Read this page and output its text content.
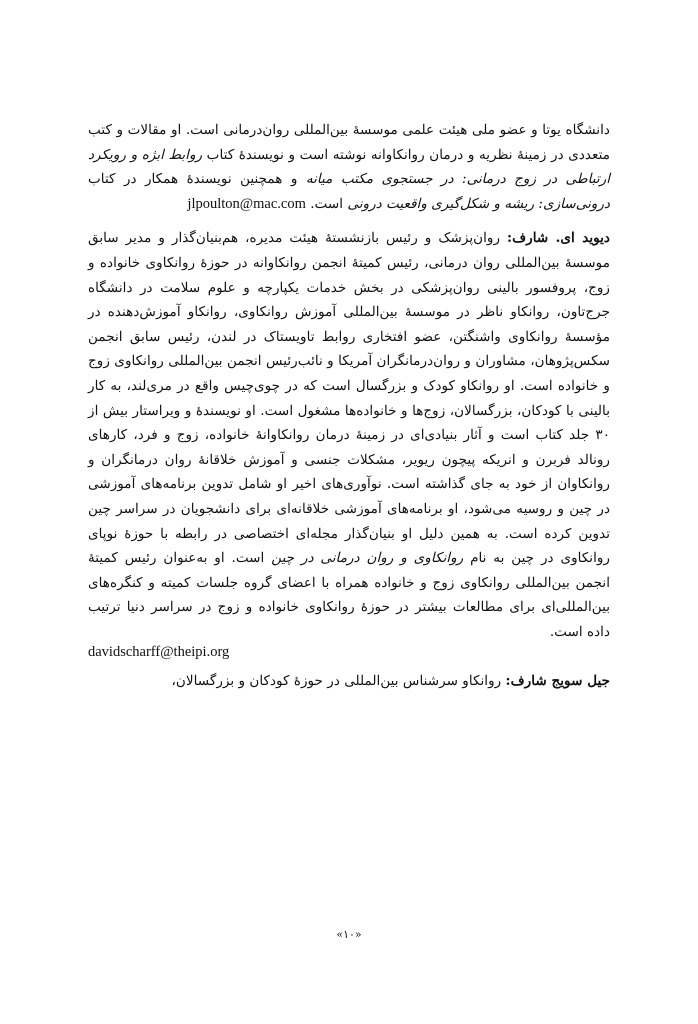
دانشگاه یوتا و عضو ملی هیئت علمی موسسهٔ بین‌المللی روان‌درمانی است. او مقالات و کتب متعددی در زمینهٔ نظریه و درمان روانکاوانه نوشته است و نویسندهٔ کتاب روابط ابژه و رویکرد ارتباطی در زوج درمانی: در جستجوی مکتب میانه و همچنین نویسندهٔ همکار در کتاب درونی‌سازی: ریشه و شکل‌گیری واقعیت درونی است. jlpoulton@mac.com

دیوید ای. شارف: روان‌پزشک و رئیس بازنشستهٔ هیئت مدیره، هم‌بنیان‌گذار و مدیر سابق موسسهٔ بین‌المللی روان درمانی، رئیس کمیتهٔ انجمن روانکاوانه در حوزهٔ روانکاوی خانواده و زوج، پروفسور بالینی روان‌پزشکی در بخش خدمات یکپارچه و علوم سلامت در دانشگاه جرج‌تاون، روانکاو ناظر در موسسهٔ بین‌المللی آموزش روانکاوی، روانکاو آموزش‌دهنده در مؤسسهٔ روانکاوی واشنگتن، عضو افتخاری روابط تاویستاک در لندن، رئیس سابق انجمن سکس‌پژوهان، مشاوران و روان‌درمانگران آمریکا و نائب‌رئیس انجمن بین‌المللی روانکاوی زوج و خانواده است. او روانکاو کودک و بزرگسال است که در چوی‌چیس واقع در مری‌لند، به کار بالینی با کودکان، بزرگسالان، زوج‌ها و خانواده‌ها مشغول است. او نویسندهٔ و ویراستار بیش از ۳۰ جلد کتاب است و آثار بنیادی‌ای در زمینهٔ درمان روانکاوانهٔ خانواده، زوج و فرد، کارهای رونالد فربرن و انریکه پیچون ریویر، مشکلات جنسی و آموزش خلاقانهٔ روان درمانگران و روانکاوان از خود به جای گذاشته است. نوآوری‌های اخیر او شامل تدوین برنامه‌های آموزشی در چین و روسیه می‌شود، او برنامه‌های آموزشی خلاقانه‌ای برای دانشجویان در سراسر چین تدوین کرده است. به همین دلیل او بنیان‌گذار مجله‌ای اختصاصی در رابطه با حوزهٔ نوپای روانکاوی در چین به نام روانکاوی و روان درمانی در چین است. او به‌عنوان رئیس کمیتهٔ انجمن بین‌المللی روانکاوی زوج و خانواده همراه با اعضای گروه جلسات کمیته و کنگره‌های بین‌المللی‌ای برای مطالعات بیشتر در حوزهٔ روانکاوی خانواده و زوج در سراسر دنیا ترتیب داده است.

davidscharff@theipi.org

جیل سویج شارف: روانکاو سرشناس بین‌المللی در حوزهٔ کودکان و بزرگسالان،

«۱۰»
